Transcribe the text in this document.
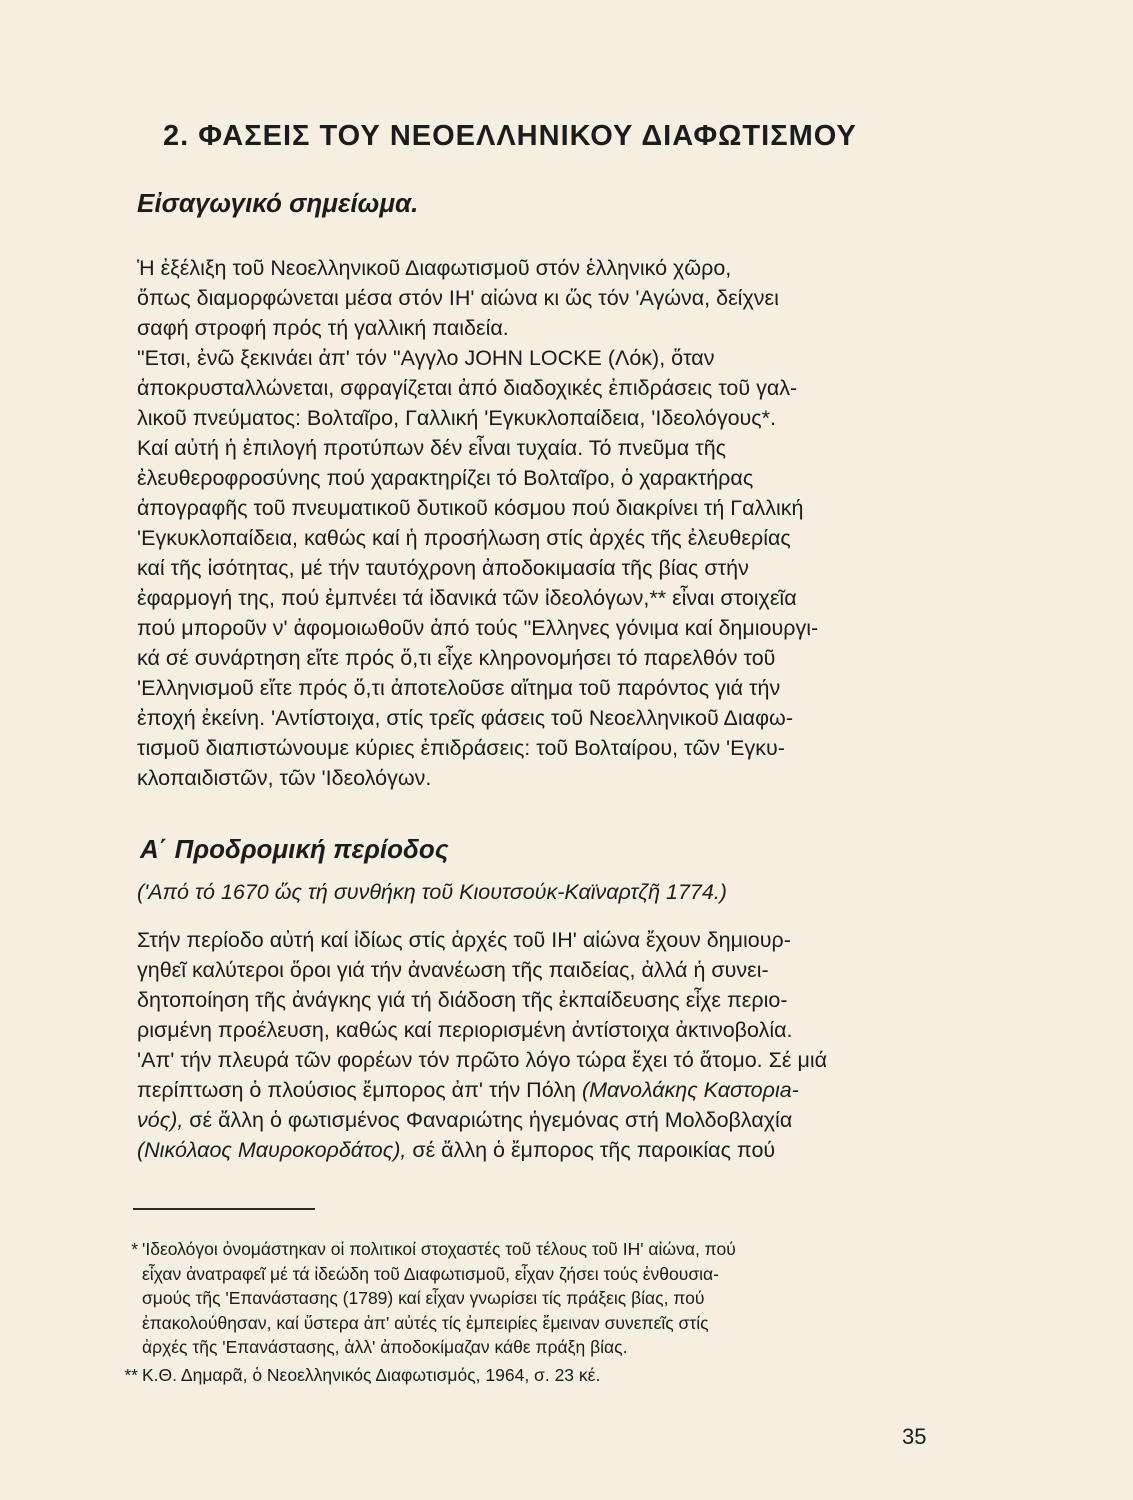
2. ΦΑΣΕΙΣ ΤΟΥ ΝΕΟΕΛΛΗΝΙΚΟΥ ΔΙΑΦΩΤΙΣΜΟΥ
Εἰσαγωγικό σημείωμα.
Ἡ ἐξέλιξη τοῦ Νεοελληνικοῦ Διαφωτισμοῦ στόν ἑλληνικό χῶρο,
ὅπως διαμορφώνεται μέσα στόν ΙΗ' αἰώνα κι ὥς τόν 'Αγώνα, δείχνει
σαφή στροφή πρός τή γαλλική παιδεία.
"Ετσι, ἐνῶ ξεκινάει ἀπ' τόν "Αγγλο JOHN LOCKE (Λόκ), ὅταν
ἀποκρυσταλλώνεται, σφραγίζεται ἀπό διαδοχικές ἐπιδράσεις τοῦ γαλ-
λικοῦ πνεύματος: Βολταῖρο, Γαλλική 'Εγκυκλοπαίδεια, 'Ιδεολόγους*.
Καί αὐτή ἡ ἐπιλογή προτύπων δέν εἶναι τυχαία. Τό πνεῦμα τῆς
ἐλευθεροφροσύνης πού χαρακτηρίζει τό Βολταῖρο, ὁ χαρακτήρας
ἀπογραφῆς τοῦ πνευματικοῦ δυτικοῦ κόσμου πού διακρίνει τή Γαλλική
'Εγκυκλοπαίδεια, καθώς καί ἡ προσήλωση στίς ἀρχές τῆς ἐλευθερίας
καί τῆς ἰσότητας, μέ τήν ταυτόχρονη ἀποδοκιμασία τῆς βίας στήν
ἐφαρμογή της, πού ἐμπνέει τά ἰδανικά τῶν ἰδεολόγων,** εἶναι στοιχεῖα
πού μποροῦν ν' ἀφομοιωθοῦν ἀπό τούς "Ελληνες γόνιμα καί δημιουργι-
κά σέ συνάρτηση εἴτε πρός ὅ,τι εἶχε κληρονομήσει τό παρελθόν τοῦ
'Ελληνισμοῦ εἴτε πρός ὅ,τι ἀποτελοῦσε αἴτημα τοῦ παρόντος γιά τήν
ἐποχή ἐκείνη. 'Αντίστοιχα, στίς τρεῖς φάσεις τοῦ Νεοελληνικοῦ Διαφω-
τισμοῦ διαπιστώνουμε κύριες ἐπιδράσεις: τοῦ Βολταίρου, τῶν 'Εγκυ-
κλοπαιδιστῶν, τῶν 'Ιδεολόγων.
Α΄ Προδρομική περίοδος

('Από τό 1670 ὥς τή συνθήκη τοῦ Κιουτσούκ-Καϊναρτζῆ 1774.)

Στήν περίοδο αὐτή καί ἰδίως στίς ἀρχές τοῦ ΙΗ' αἰώνα ἔχουν δημιουρ-
γηθεῖ καλύτεροι ὅροι γιά τήν ἀνανέωση τῆς παιδείας, ἀλλά ἡ συνει-
δητοποίηση τῆς ἀνάγκης γιά τή διάδοση τῆς ἐκπαίδευσης εἶχε περιο-
ρισμένη προέλευση, καθώς καί περιορισμένη ἀντίστοιχα ἀκτινοβολία.
'Απ' τήν πλευρά τῶν φορέων τόν πρῶτο λόγο τώρα ἔχει τό ἄτομο. Σέ μιά
περίπτωση ὁ πλούσιος ἔμπορος ἀπ' τήν Πόλη (Μανολάκης Καστοριa-
νός), σέ ἄλλη ὁ φωτισμένος Φαναριώτης ἡγεμόνας στή Μολδοβλαχία
(Νικόλαος Μαυροκορδάτος), σέ ἄλλη ὁ ἔμπορος τῆς παροικίας πού
* 'Ιδεολόγοι ὀνομάστηκαν οἱ πολιτικοί στοχαστές τοῦ τέλους τοῦ ΙΗ' αἰώνα, πού
εἶχαν ἀνατραφεῖ μέ τά ἰδεώδη τοῦ Διαφωτισμοῦ, εἶχαν ζήσει τούς ἐνθουσια-
σμούς τῆς 'Επανάστασης (1789) καί εἶχαν γνωρίσει τίς πράξεις βίας, πού
ἐπακολούθησαν, καί ὕστερα ἀπ' αὐτές τίς ἐμπειρίες ἔμειναν συνεπεῖς στίς
ἀρχές τῆς 'Επανάστασης, ἀλλ' ἀποδοκίμαζαν κάθε πράξη βίας.
** Κ.Θ. Δημαρᾶ, ὁ Νεοελληνικός Διαφωτισμός, 1964, σ. 23 κέ.

35
